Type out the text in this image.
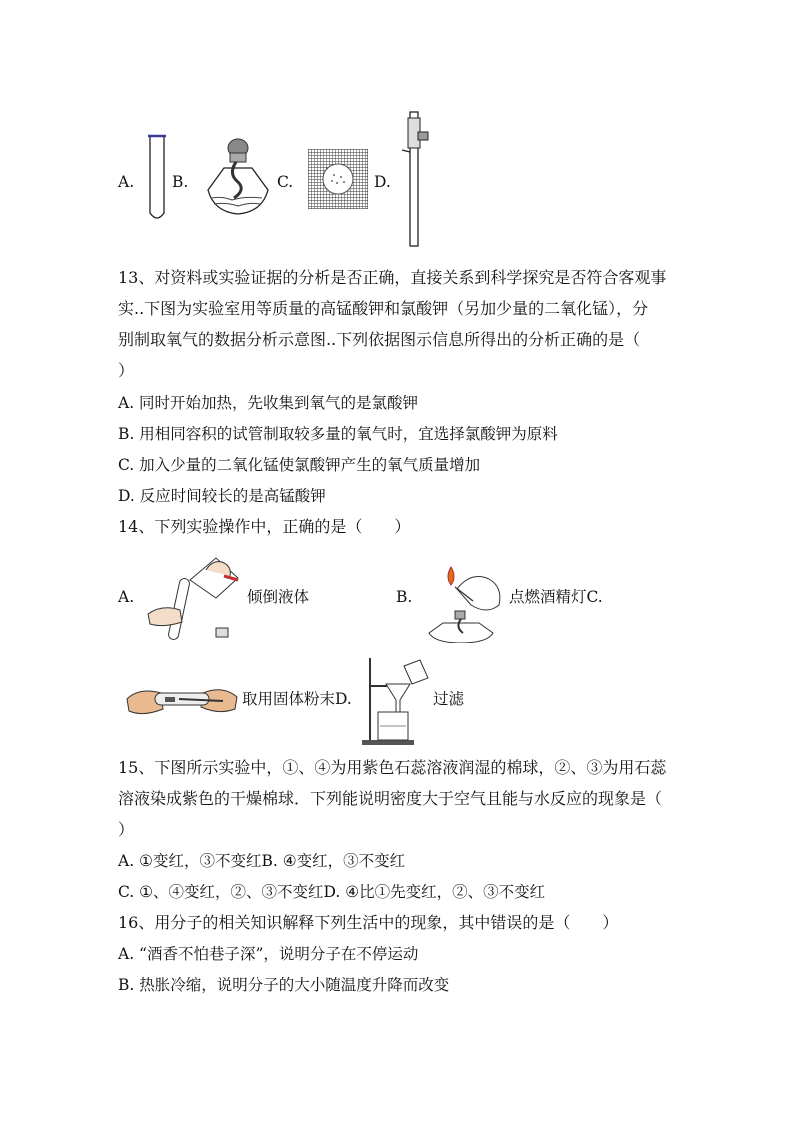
A. B.	C.	D.
13、对资料或实验证据的分析是否正确，直接关系到科学探究是否符合客观事
实..下图为实验室用等质量的高锰酸钾和氯酸钾（另加少量的二氧化锰），分
别制取氧气的数据分析示意图..下列依据图示信息所得出的分析正确的是（
）
A. 同时开始加热，先收集到氧气的是氯酸钾
B. 用相同容积的试管制取较多量的氧气时，宜选择氯酸钾为原料
C. 加入少量的二氧化锰使氯酸钾产生的氧气质量增加
D. 反应时间较长的是高锰酸钾
14、下列实验操作中，正确的是（　　）
A.	倾倒液体	B.	点燃酒精灯C.
取用固体粉末D.	过滤
15、下图所示实验中，①、④为用紫色石蕊溶液润湿的棉球，②、③为用石蕊
溶液染成紫色的干燥棉球．下列能说明密度大于空气且能与水反应的现象是（
）
A. ①变红，③不变红B. ④变红，③不变红
C. ①、④变红，②、③不变红D. ④比①先变红，②、③不变红
16、用分子的相关知识解释下列生活中的现象，其中错误的是（　　）
A. “酒香不怕巷子深”，说明分子在不停运动
B. 热胀冷缩，说明分子的大小随温度升降而改变
